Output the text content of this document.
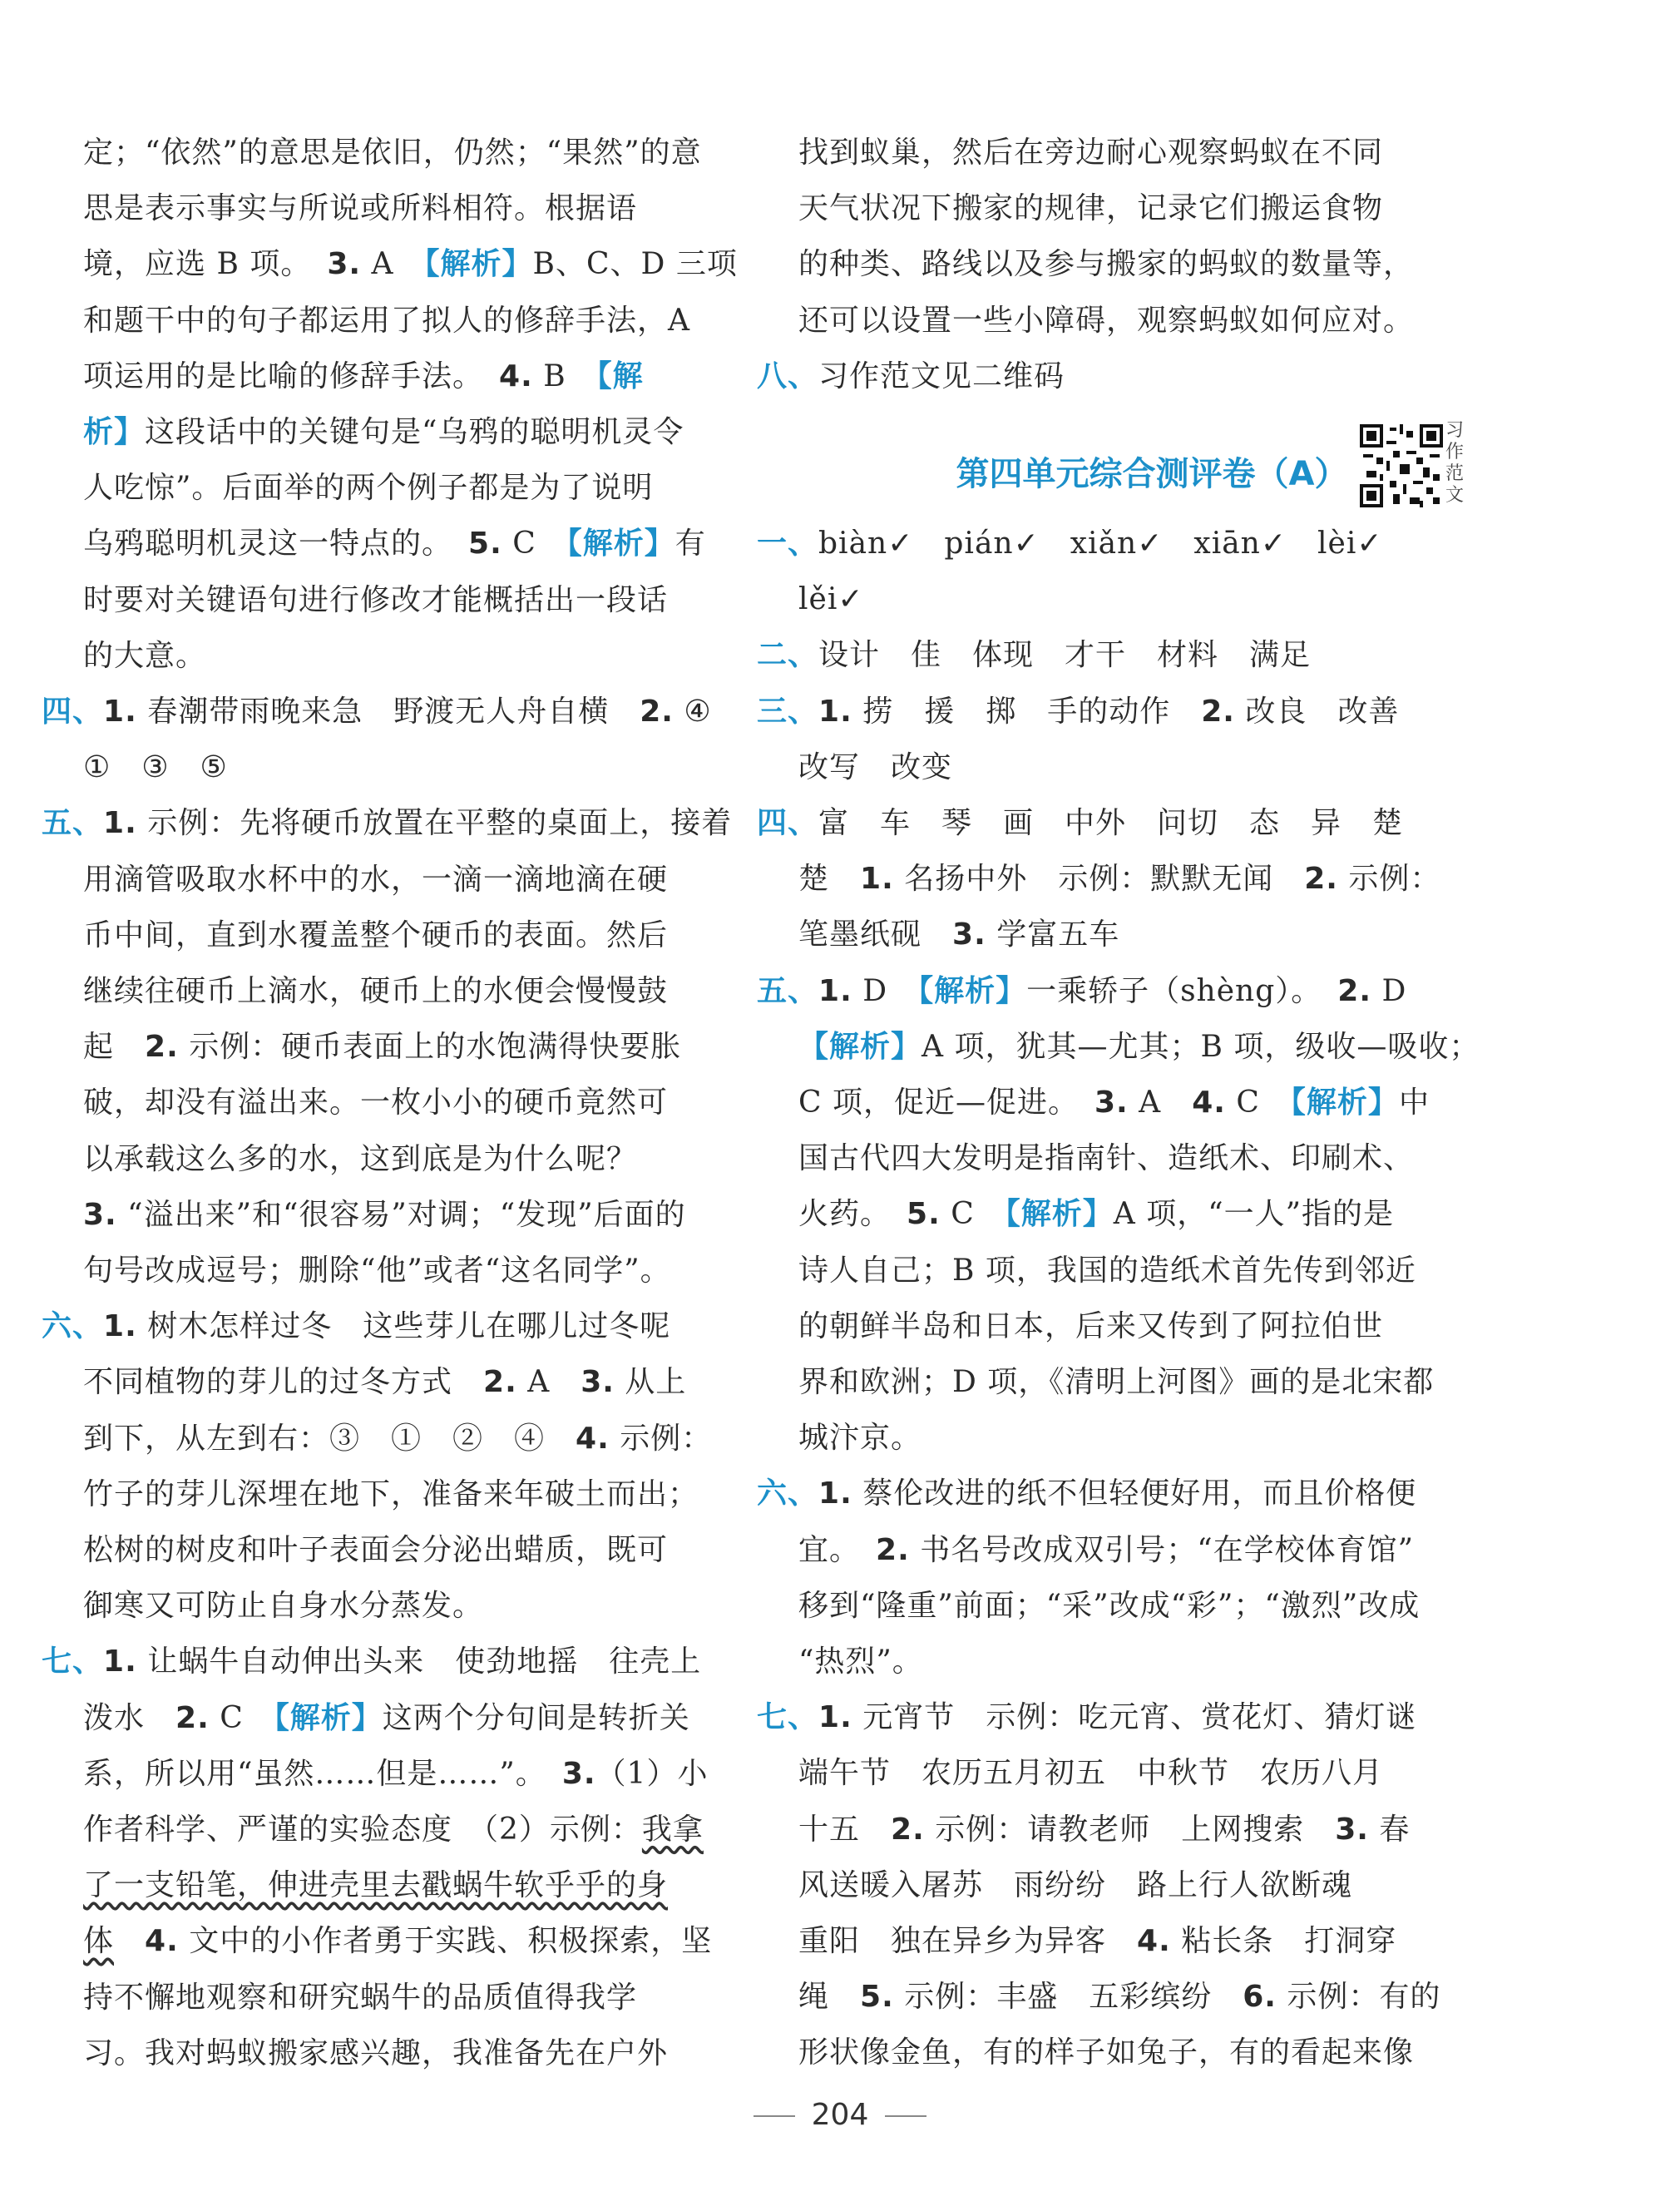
定；“依然”的意思是依旧，仍然；“果然”的意
思是表示事实与所说或所料相符。根据语
境，应选 B 项。　3. A　【解析】B、C、D 三项
和题干中的句子都运用了拟人的修辞手法，A
项运用的是比喻的修辞手法。　4. B　【解
析】这段话中的关键句是“乌鸦的聪明机灵令
人吃惊”。后面举的两个例子都是为了说明
乌鸦聪明机灵这一特点的。　5. C　【解析】有
时要对关键语句进行修改才能概括出一段话
的大意。
四、1. 春潮带雨晚来急　野渡无人舟自横　2. ④
①　③　⑤
五、1. 示例：先将硬币放置在平整的桌面上，接着
用滴管吸取水杯中的水，一滴一滴地滴在硬
币中间，直到水覆盖整个硬币的表面。然后
继续往硬币上滴水，硬币上的水便会慢慢鼓
起　2. 示例：硬币表面上的水饱满得快要胀
破，却没有溢出来。一枚小小的硬币竟然可
以承载这么多的水，这到底是为什么呢？
3. “溢出来”和“很容易”对调；“发现”后面的
句号改成逗号；删除“他”或者“这名同学”。
六、1. 树木怎样过冬　这些芽儿在哪儿过冬呢
不同植物的芽儿的过冬方式　2. A　3. 从上
到下，从左到右：③　①　②　④　4. 示例：
竹子的芽儿深埋在地下，准备来年破土而出；
松树的树皮和叶子表面会分泌出蜡质，既可
御寒又可防止自身水分蒸发。
七、1. 让蜗牛自动伸出头来　使劲地摇　往壳上
泼水　2. C　【解析】这两个分句间是转折关
系，所以用“虽然……但是……”。　3.（1）小
作者科学、严谨的实验态度　（2）示例：我拿
了一支铅笔，伸进壳里去戳蜗牛软乎乎的身
体　 4. 文中的小作者勇于实践、积极探索，坚
持不懈地观察和研究蜗牛的品质值得我学
习。我对蚂蚁搬家感兴趣，我准备先在户外
找到蚁巢，然后在旁边耐心观察蚂蚁在不同
天气状况下搬家的规律，记录它们搬运食物
的种类、路线以及参与搬家的蚂蚁的数量等，
还可以设置一些小障碍，观察蚂蚁如何应对。
八、习作范文见二维码
第四单元综合测评卷（A）
习作范文
一、biàn✓　pián✓　xiǎn✓　xiān✓　lèi✓
lěi✓
二、设计　佳　体现　才干　材料　满足
三、1. 捞　援　掷　手的动作　2. 改良　改善
改写　改变
四、富　车　琴　画　中外　问切　态　异　楚
楚　1. 名扬中外　示例：默默无闻　2. 示例：
笔墨纸砚　3. 学富五车
五、1. D　【解析】一乘轿子（shèng）。　2. D
【解析】A 项，犹其—尤其；B 项，级收—吸收；
C 项，促近—促进。　3. A　4. C　【解析】中
国古代四大发明是指南针、造纸术、印刷术、
火药。　5. C　【解析】A 项，“一人”指的是
诗人自己；B 项，我国的造纸术首先传到邻近
的朝鲜半岛和日本，后来又传到了阿拉伯世
界和欧洲；D 项，《清明上河图》画的是北宋都
城汴京。
六、1. 蔡伦改进的纸不但轻便好用，而且价格便
宜。　2. 书名号改成双引号；“在学校体育馆”
移到“隆重”前面；“采”改成“彩”；“激烈”改成
“热烈”。
七、1. 元宵节　示例：吃元宵、赏花灯、猜灯谜
端午节　农历五月初五　中秋节　农历八月
十五　2. 示例：请教老师　上网搜索　3. 春
风送暖入屠苏　雨纷纷　路上行人欲断魂
重阳　独在异乡为异客　4. 粘长条　打洞穿
绳　5. 示例：丰盛　五彩缤纷　6. 示例：有的
形状像金鱼，有的样子如兔子，有的看起来像
204
